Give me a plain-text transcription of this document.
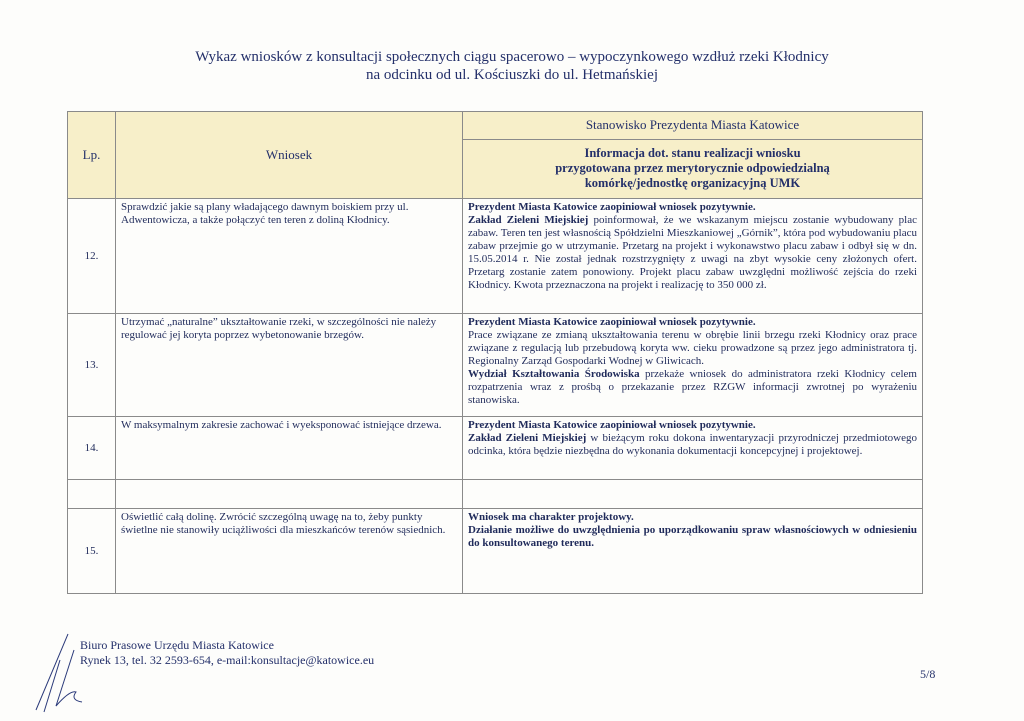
Wykaz wniosków z konsultacji społecznych ciągu spacerowo – wypoczynkowego wzdłuż rzeki Kłodnicy
na odcinku od ul. Kościuszki do ul. Hetmańskiej
Lp.	Wniosek	Stanowisko Prezydenta Miasta Katowice

		Informacja dot. stanu realizacji wniosku
przygotowana przez merytorycznie odpowiedzialną
komórkę/jednostkę organizacyjną UMK

12.	Sprawdzić jakie są plany władającego dawnym boiskiem przy ul. Adwentowicza, a także połączyć ten teren z doliną Kłodnicy.	Prezydent Miasta Katowice zaopiniował wniosek pozytywnie.
Zakład Zieleni Miejskiej poinformował, że we wskazanym miejscu zostanie wybudowany plac zabaw. Teren ten jest własnością Spółdzielni Mieszkaniowej „Górnik”, która pod wybudowaniu placu zabaw przejmie go w utrzymanie. Przetarg na projekt i wykonawstwo placu zabaw i odbył się w dn. 15.05.2014 r. Nie został jednak rozstrzygnięty z uwagi na zbyt wysokie ceny złożonych ofert. Przetarg zostanie zatem ponowiony. Projekt placu zabaw uwzględni możliwość zejścia do rzeki Kłodnicy. Kwota przeznaczona na projekt i realizację to 350 000 zł.

13.	Utrzymać „naturalne” ukształtowanie rzeki, w szczególności nie należy regulować jej koryta poprzez wybetonowanie brzegów.	Prezydent Miasta Katowice zaopiniował wniosek pozytywnie.
Prace związane ze zmianą ukształtowania terenu w obrębie linii brzegu rzeki Kłodnicy oraz prace związane z regulacją lub przebudową koryta ww. cieku prowadzone są przez jego administratora tj. Regionalny Zarząd Gospodarki Wodnej w Gliwicach.
Wydział Kształtowania Środowiska przekaże wniosek do administratora rzeki Kłodnicy celem rozpatrzenia wraz z prośbą o przekazanie przez RZGW informacji zwrotnej po wyrażeniu stanowiska.

14.	W maksymalnym zakresie zachować i wyeksponować istniejące drzewa.	Prezydent Miasta Katowice zaopiniował wniosek pozytywnie.
Zakład Zieleni Miejskiej w bieżącym roku dokona inwentaryzacji przyrodniczej przedmiotowego odcinka, która będzie niezbędna do wykonania dokumentacji koncepcyjnej i projektowej.

15.	Oświetlić całą dolinę. Zwrócić szczególną uwagę na to, żeby punkty świetlne nie stanowiły uciążliwości dla mieszkańców terenów sąsiednich.	Wniosek ma charakter projektowy.
Działanie możliwe do uwzględnienia po uporządkowaniu spraw własnościowych w odniesieniu do konsultowanego terenu.
Biuro Prasowe Urzędu Miasta Katowice
Rynek 13, tel. 32 2593-654, e-mail:konsultacje@katowice.eu
5/8
